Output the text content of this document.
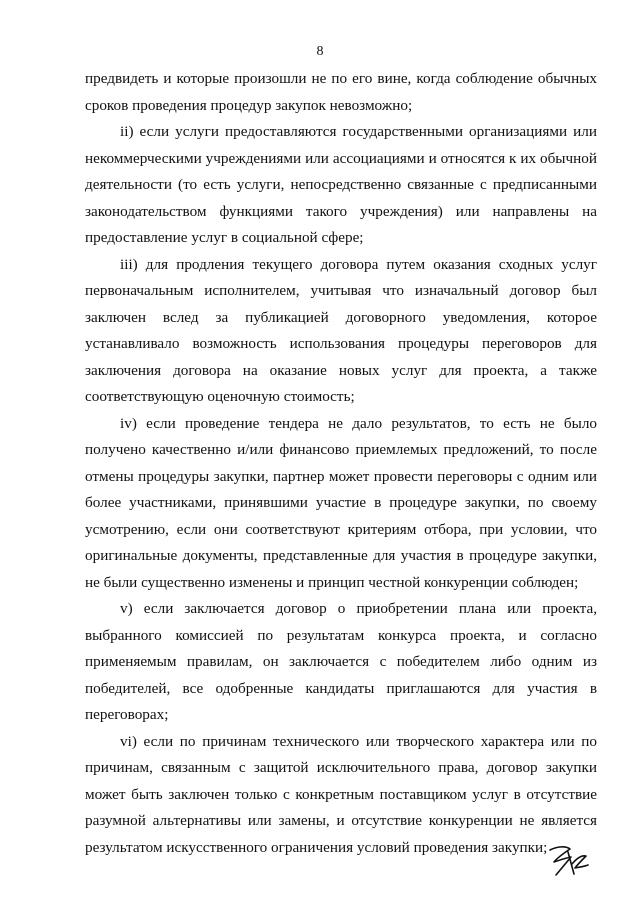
8

предвидеть и которые произошли не по его вине, когда соблюдение обычных сроков проведения процедур закупок невозможно;

ii) если услуги предоставляются государственными организациями или некоммерческими учреждениями или ассоциациями и относятся к их обычной деятельности (то есть услуги, непосредственно связанные с предписанными законодательством функциями такого учреждения) или направлены на предоставление услуг в социальной сфере;

iii) для продления текущего договора путем оказания сходных услуг первоначальным исполнителем, учитывая что изначальный договор был заключен вслед за публикацией договорного уведомления, которое устанавливало возможность использования процедуры переговоров для заключения договора на оказание новых услуг для проекта, а также соответствующую оценочную стоимость;

iv) если проведение тендера не дало результатов, то есть не было получено качественно и/или финансово приемлемых предложений, то после отмены процедуры закупки, партнер может провести переговоры с одним или более участниками, принявшими участие в процедуре закупки, по своему усмотрению, если они соответствуют критериям отбора, при условии, что оригинальные документы, представленные для участия в процедуре закупки, не были существенно изменены и принцип честной конкуренции соблюден;

v) если заключается договор о приобретении плана или проекта, выбранного комиссией по результатам конкурса проекта, и согласно применяемым правилам, он заключается с победителем либо одним из победителей, все одобренные кандидаты приглашаются для участия в переговорах;

vi) если по причинам технического или творческого характера или по причинам, связанным с защитой исключительного права, договор закупки может быть заключен только с конкретным поставщиком услуг в отсутствие разумной альтернативы или замены, и отсутствие конкуренции не является результатом искусственного ограничения условий проведения закупки;
